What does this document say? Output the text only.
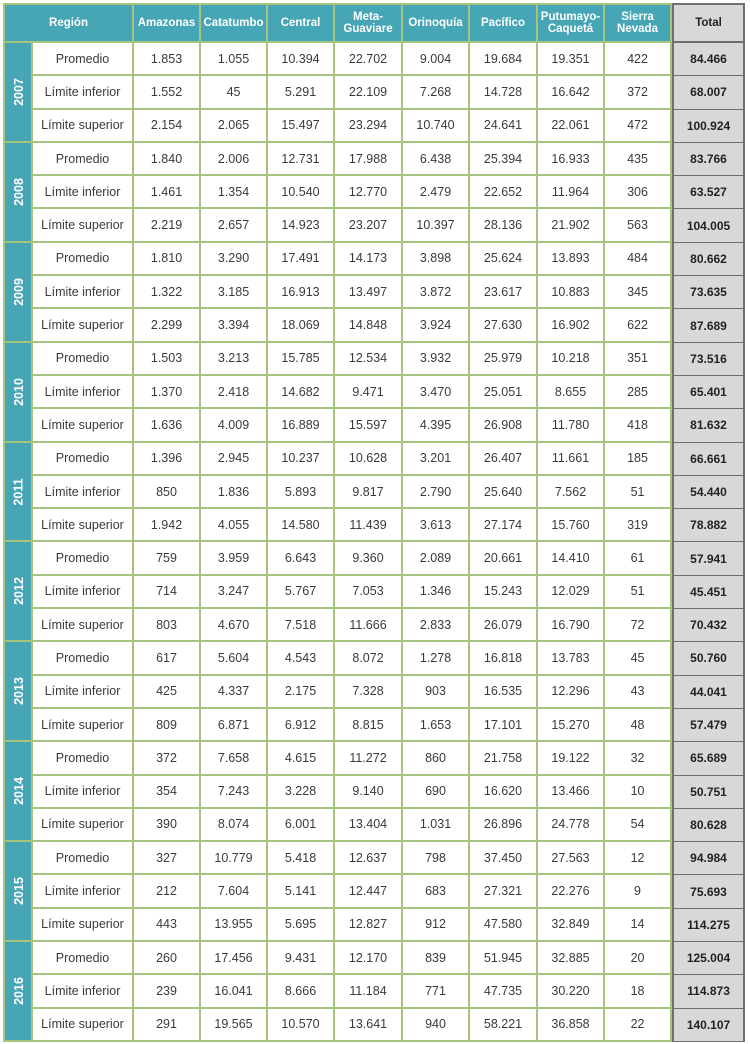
Región		Amazonas	Catatumbo	Central	Meta-Guaviare	Orinoquía	Pacífico	Putumayo-Caquetá	Sierra Nevada	Total
2007	Promedio	1.853	1.055	10.394	22.702	9.004	19.684	19.351	422	84.466
	Límite inferior	1.552	45	5.291	22.109	7.268	14.728	16.642	372	68.007
	Límite superior	2.154	2.065	15.497	23.294	10.740	24.641	22.061	472	100.924
2008	Promedio	1.840	2.006	12.731	17.988	6.438	25.394	16.933	435	83.766
	Límite inferior	1.461	1.354	10.540	12.770	2.479	22.652	11.964	306	63.527
	Límite superior	2.219	2.657	14.923	23.207	10.397	28.136	21.902	563	104.005
2009	Promedio	1.810	3.290	17.491	14.173	3.898	25.624	13.893	484	80.662
	Límite inferior	1.322	3.185	16.913	13.497	3.872	23.617	10.883	345	73.635
	Límite superior	2.299	3.394	18.069	14.848	3.924	27.630	16.902	622	87.689
2010	Promedio	1.503	3.213	15.785	12.534	3.932	25.979	10.218	351	73.516
	Límite inferior	1.370	2.418	14.682	9.471	3.470	25.051	8.655	285	65.401
	Límite superior	1.636	4.009	16.889	15.597	4.395	26.908	11.780	418	81.632
2011	Promedio	1.396	2.945	10.237	10.628	3.201	26.407	11.661	185	66.661
	Límite inferior	850	1.836	5.893	9.817	2.790	25.640	7.562	51	54.440
	Límite superior	1.942	4.055	14.580	11.439	3.613	27.174	15.760	319	78.882
2012	Promedio	759	3.959	6.643	9.360	2.089	20.661	14.410	61	57.941
	Límite inferior	714	3.247	5.767	7.053	1.346	15.243	12.029	51	45.451
	Límite superior	803	4.670	7.518	11.666	2.833	26.079	16.790	72	70.432
2013	Promedio	617	5.604	4.543	8.072	1.278	16.818	13.783	45	50.760
	Límite inferior	425	4.337	2.175	7.328	903	16.535	12.296	43	44.041
	Límite superior	809	6.871	6.912	8.815	1.653	17.101	15.270	48	57.479
2014	Promedio	372	7.658	4.615	11.272	860	21.758	19.122	32	65.689
	Límite inferior	354	7.243	3.228	9.140	690	16.620	13.466	10	50.751
	Límite superior	390	8.074	6.001	13.404	1.031	26.896	24.778	54	80.628
2015	Promedio	327	10.779	5.418	12.637	798	37.450	27.563	12	94.984
	Límite inferior	212	7.604	5.141	12.447	683	27.321	22.276	9	75.693
	Límite superior	443	13.955	5.695	12.827	912	47.580	32.849	14	114.275
2016	Promedio	260	17.456	9.431	12.170	839	51.945	32.885	20	125.004
	Límite inferior	239	16.041	8.666	11.184	771	47.735	30.220	18	114.873
	Límite superior	291	19.565	10.570	13.641	940	58.221	36.858	22	140.107
